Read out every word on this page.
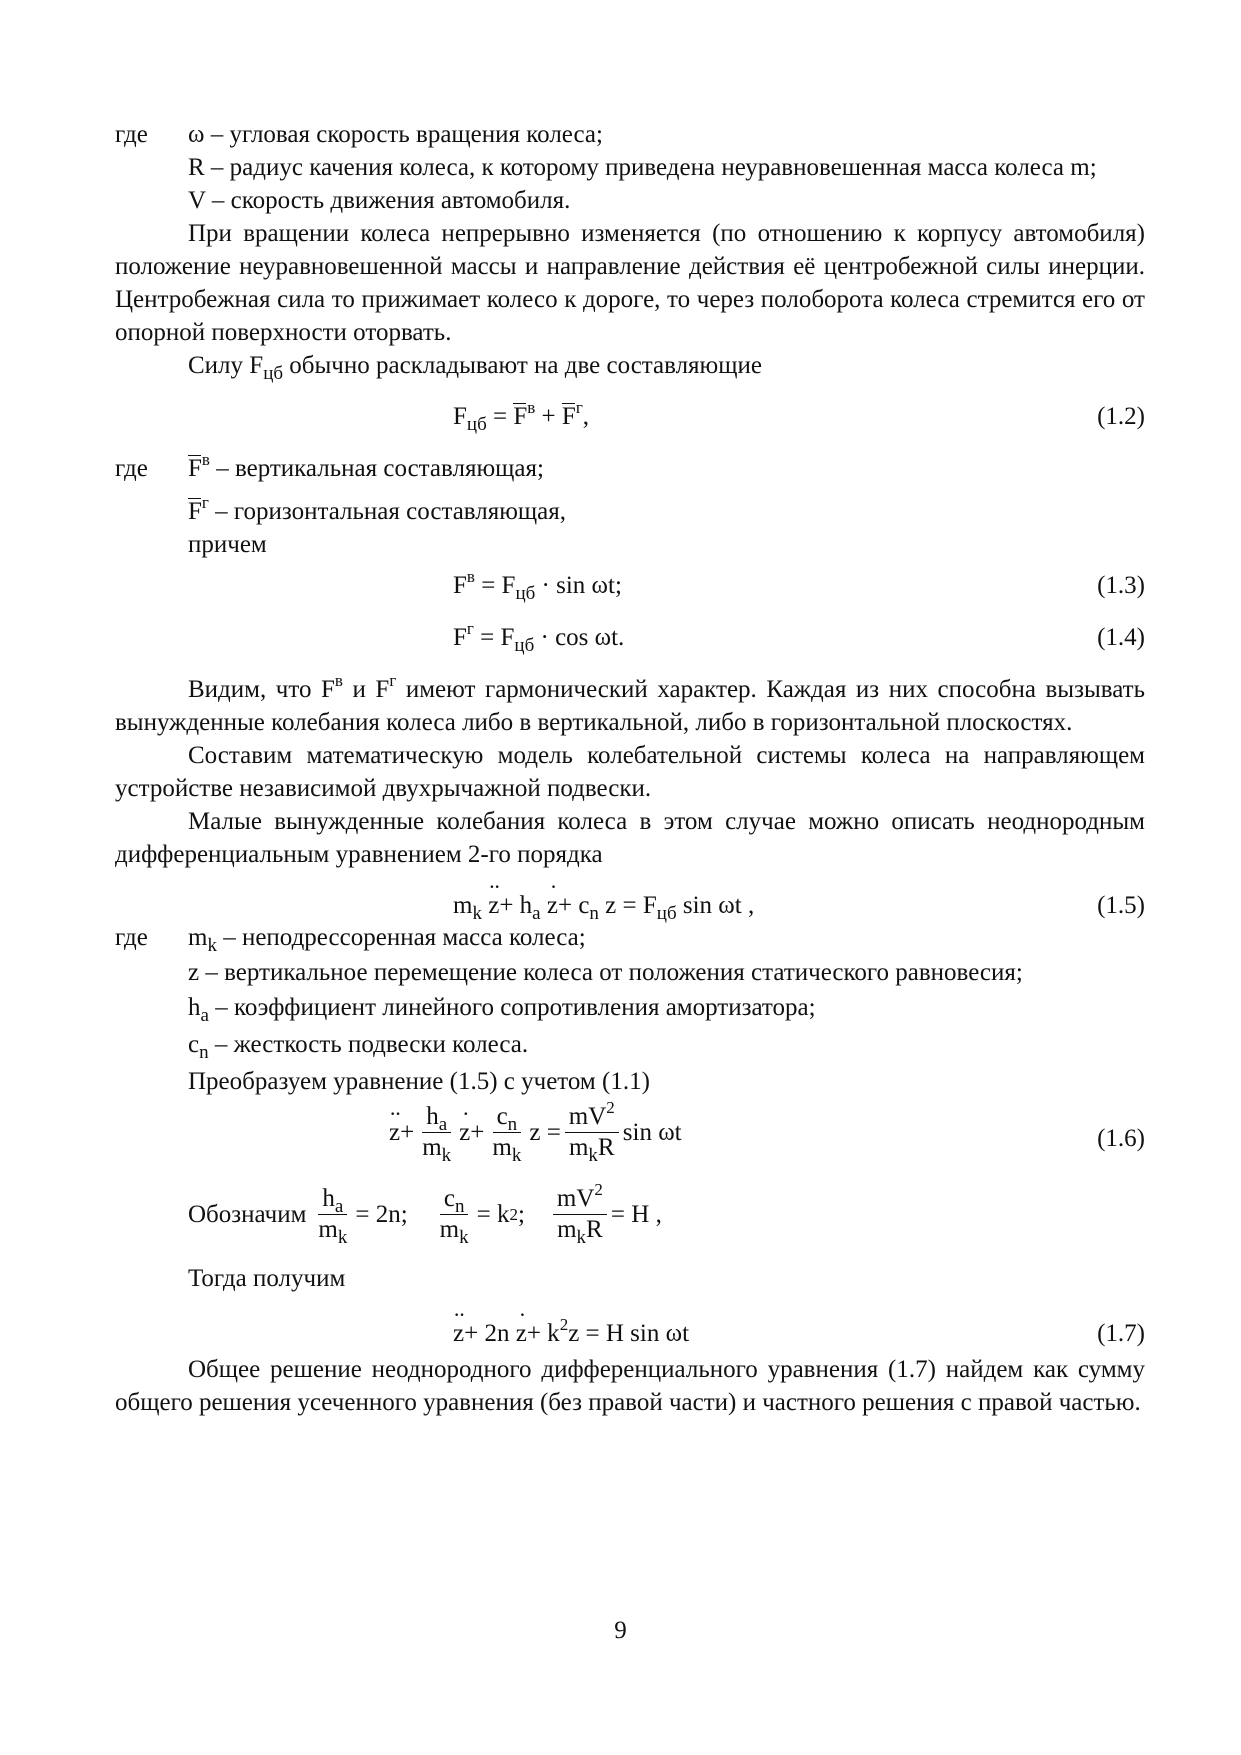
где ω – угловая скорость вращения колеса;

R – радиус качения колеса, к которому приведена неуравновешенная масса колеса m;

V – скорость движения автомобиля.

При вращении колеса непрерывно изменяется (по отношению к корпусу автомобиля) положение неуравновешенной массы и направление действия её центробежной силы инерции. Центробежная сила то прижимает колесо к дороге, то через полоборота колеса стремится его от опорной поверхности оторвать.

Силу $F_{цб}$ обычно раскладывают на две составляющие

$F_{цб} = F^в + F^г$,	(1.2)

где $F^в$ – вертикальная составляющая;

$F^г$ – горизонтальная составляющая,

причем

$F^в = F_{цб} \cdot \sin \omega t$;	(1.3)
$F^г = F_{цб} \cdot \cos \omega t$.	(1.4)

Видим, что $F^в$ и $F^г$ имеют гармонический характер. Каждая из них способна вызывать вынужденные колебания колеса либо в вертикальной, либо в горизонтальной плоскостях.

Составим математическую модель колебательной системы колеса на направляющем устройстве независимой двухрычажной подвески.

Малые вынужденные колебания колеса в этом случае можно описать неоднородным дифференциальным уравнением 2-го порядка

$m_k \cdot\cdot z+ h_a \cdot z+ c_n$ $z = F_{цб}$ sin ωt ,	(1.5)

где $m_k$ – неподрессоренная масса колеса;

z – вертикальное перемещение колеса от положения статического равновесия;

$h_a$ – коэффициент линейного сопротивления амортизатора;

$c_n$ – жесткость подвески колеса.

Преобразуем уравнение (1.5) с учетом (1.1)

·· $z + \frac{h_a}{m_k} \cdot z + \frac{c_n}{m_k}$ $z = \frac{mV^2}{m_kR}$ sin ωt	(1.6)
Обозначим $\frac{h_a}{m_k} = 2n$; $\frac{c_n}{m_k} = k$ 2 ; $\frac{mV^2}{m_kR} = H$ ,

Тогда получим

·· $z+ 2n \cdot z+ k^2z = H$ sin ωt	(1.7)

Общее решение неоднородного дифференциального уравнения (1.7) найдем как сумму общего решения усеченного уравнения (без правой части) и частного решения с правой частью.

9
